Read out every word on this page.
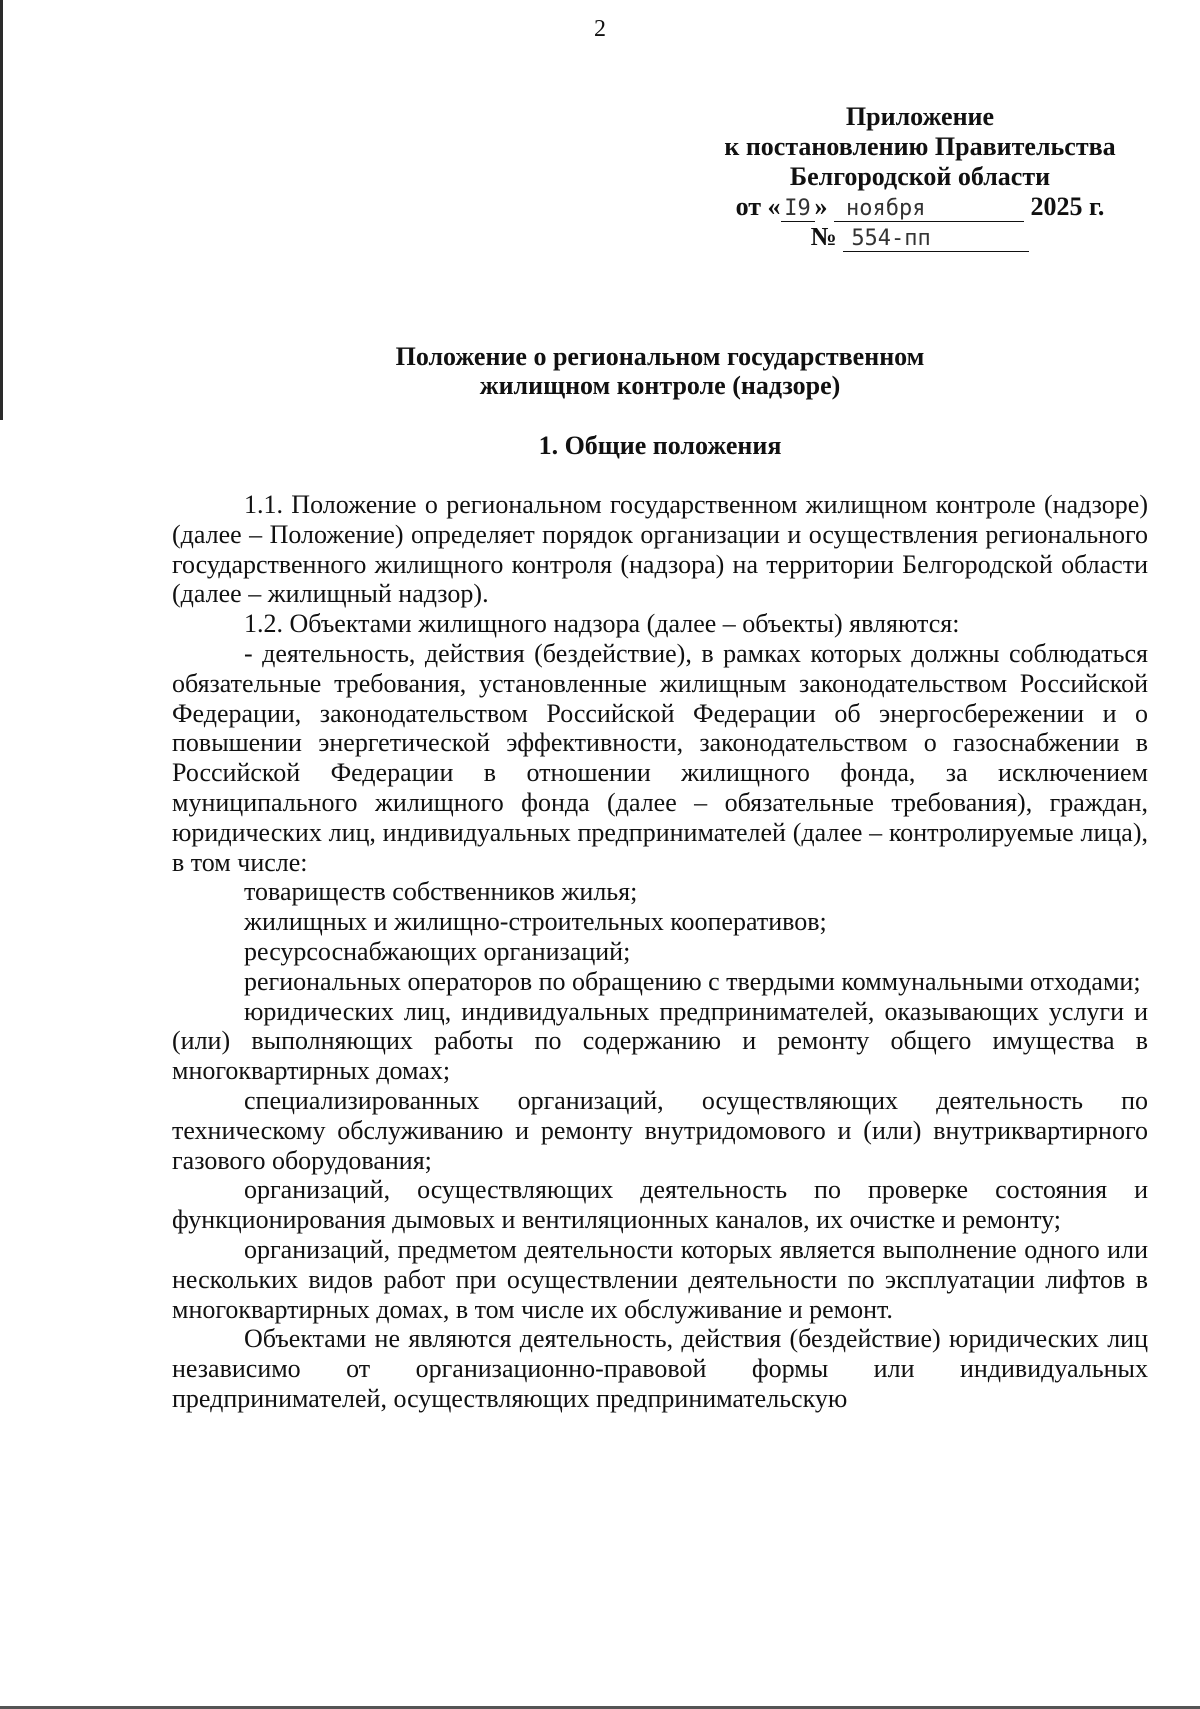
2
Приложение
к постановлению Правительства
Белгородской области
от « I9 » ноября	2025 г.
№ 554-пп
Положение о региональном государственном
жилищном контроле (надзоре)
1. Общие положения

1.1. Положение о региональном государственном жилищном контроле (надзоре) (далее – Положение) определяет порядок организации и осуществления регионального государственного жилищного контроля (надзора) на территории Белгородской области (далее – жилищный надзор).

1.2. Объектами жилищного надзора (далее – объекты) являются:

- деятельность, действия (бездействие), в рамках которых должны соблюдаться обязательные требования, установленные жилищным законодательством Российской Федерации, законодательством Российской Федерации об энергосбережении и о повышении энергетической эффективности, законодательством о газоснабжении в Российской Федерации в отношении жилищного фонда, за исключением муниципального жилищного фонда (далее – обязательные требования), граждан, юридических лиц, индивидуальных предпринимателей (далее – контролируемые лица), в том числе:

товариществ собственников жилья;

жилищных и жилищно-строительных кооперативов;

ресурсоснабжающих организаций;

региональных операторов по обращению с твердыми коммунальными отходами;

юридических лиц, индивидуальных предпринимателей, оказывающих услуги и (или) выполняющих работы по содержанию и ремонту общего имущества в многоквартирных домах;

специализированных организаций, осуществляющих деятельность по техническому обслуживанию и ремонту внутридомового и (или) внутриквартирного газового оборудования;

организаций, осуществляющих деятельность по проверке состояния и функционирования дымовых и вентиляционных каналов, их очистке и ремонту;

организаций, предметом деятельности которых является выполнение одного или нескольких видов работ при осуществлении деятельности по эксплуатации лифтов в многоквартирных домах, в том числе их обслуживание и ремонт.

Объектами не являются деятельность, действия (бездействие) юридических лиц независимо от организационно-правовой формы или индивидуальных предпринимателей, осуществляющих предпринимательскую
